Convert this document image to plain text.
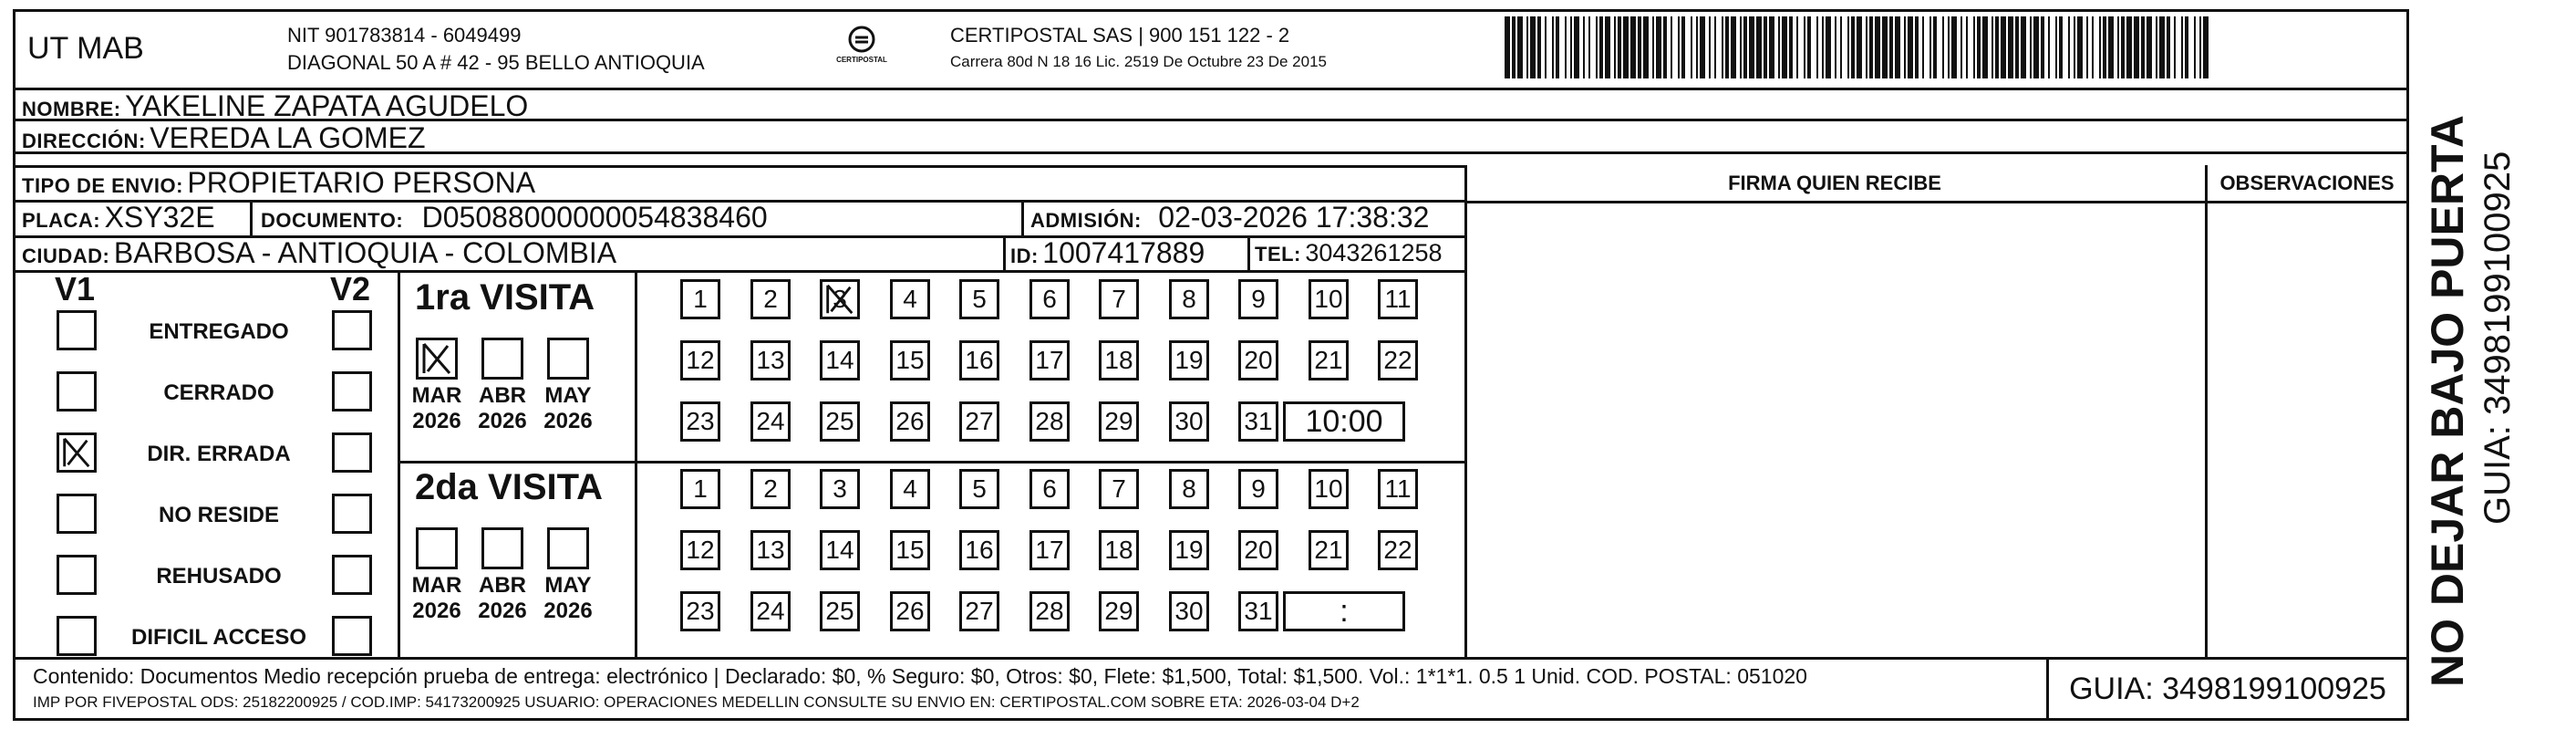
UT MAB	NIT 901783814 - 6049499
DIAGONAL 50 A # 42 - 95 BELLO ANTIOQUIA	CERTIPOSTAL
CERTIPOSTAL SAS | 900 151 122 - 2
Carrera 80d N 18 16 Lic. 2519 De Octubre 23 De 2015
NOMBRE: YAKELINE ZAPATA AGUDELO
DIRECCIÓN: VEREDA LA GOMEZ
TIPO DE ENVIO: PROPIETARIO PERSONA
PLACA: XSY32E DOCUMENTO: D05088000000054838460	ADMISIÓN: 02-03-2026 17:38:32
CIUDAD: BARBOSA - ANTIOQUIA - COLOMBIA	ID: 1007417889 TEL: 3043261258
FIRMA QUIEN RECIBE	OBSERVACIONES
V1	V2
ENTREGADO
CERRADO
DIR. ERRADA
NO RESIDE
REHUSADO
DIFICIL ACCESO
1ra VISITA
2da VISITA
MAR
2026
ABR
2026
MAY
2026
1	2	3	4	5	6	7	8	9	10 11
12 13 14 15 16 17 18 19 20 21 22
23 24 25 26 27 28 29 30 31	10:00
MAR
2026
ABR
2026
MAY
2026
1	2	3	4	5	6	7	8	9	10 11
12 13 14 15 16 17 18 19 20 21 22
23 24 25 26 27 28 29 30 31	:
Contenido: Documentos Medio recepción prueba de entrega: electrónico | Declarado: $0, % Seguro: $0, Otros: $0, Flete: $1,500, Total: $1,500. Vol.: 1*1*1. 0.5 1 Unid. COD. POSTAL: 051020
IMP POR FIVEPOSTAL ODS: 25182200925 / COD.IMP: 54173200925 USUARIO: OPERACIONES MEDELLIN CONSULTE SU ENVIO EN: CERTIPOSTAL.COM SOBRE ETA: 2026-03-04 D+2	GUIA: 3498199100925
NO DEJAR BAJO PUERTA GUIA: 3498199100925
